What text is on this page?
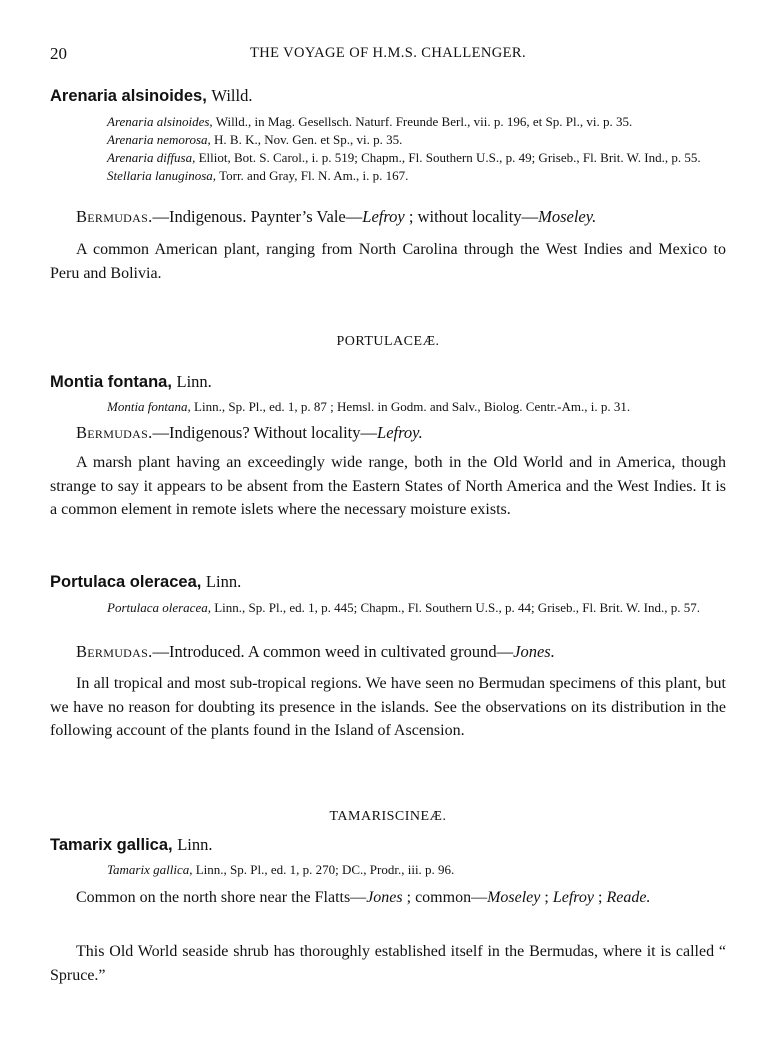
20	THE VOYAGE OF H.M.S. CHALLENGER.
Arenaria alsinoides, Willd.
Arenaria alsinoides, Willd., in Mag. Gesellsch. Naturf. Freunde Berl., vii. p. 196, et Sp. Pl., vi. p. 35.
Arenaria nemorosa, H. B. K., Nov. Gen. et Sp., vi. p. 35.
Arenaria diffusa, Elliot, Bot. S. Carol., i. p. 519; Chapm., Fl. Southern U.S., p. 49; Griseb., Fl. Brit. W. Ind., p. 55.
Stellaria lanuginosa, Torr. and Gray, Fl. N. Am., i. p. 167.
Bermudas.—Indigenous. Paynter’s Vale—Lefroy ; without locality—Moseley.
A common American plant, ranging from North Carolina through the West Indies and Mexico to Peru and Bolivia.
PORTULACEÆ.
Montia fontana, Linn.
Montia fontana, Linn., Sp. Pl., ed. 1, p. 87 ; Hemsl. in Godm. and Salv., Biolog. Centr.-Am., i. p. 31.
Bermudas.—Indigenous? Without locality—Lefroy.
A marsh plant having an exceedingly wide range, both in the Old World and in America, though strange to say it appears to be absent from the Eastern States of North America and the West Indies. It is a common element in remote islets where the necessary moisture exists.
Portulaca oleracea, Linn.
Portulaca oleracea, Linn., Sp. Pl., ed. 1, p. 445; Chapm., Fl. Southern U.S., p. 44; Griseb., Fl. Brit. W. Ind., p. 57.
Bermudas.—Introduced. A common weed in cultivated ground—Jones.
In all tropical and most sub-tropical regions. We have seen no Bermudan specimens of this plant, but we have no reason for doubting its presence in the islands. See the observations on its distribution in the following account of the plants found in the Island of Ascension.
TAMARISCINEÆ.
Tamarix gallica, Linn.
Tamarix gallica, Linn., Sp. Pl., ed. 1, p. 270; DC., Prodr., iii. p. 96.
Common on the north shore near the Flatts—Jones ; common—Moseley ; Lefroy ; Reade.
This Old World seaside shrub has thoroughly established itself in the Bermudas, where it is called “ Spruce.”
